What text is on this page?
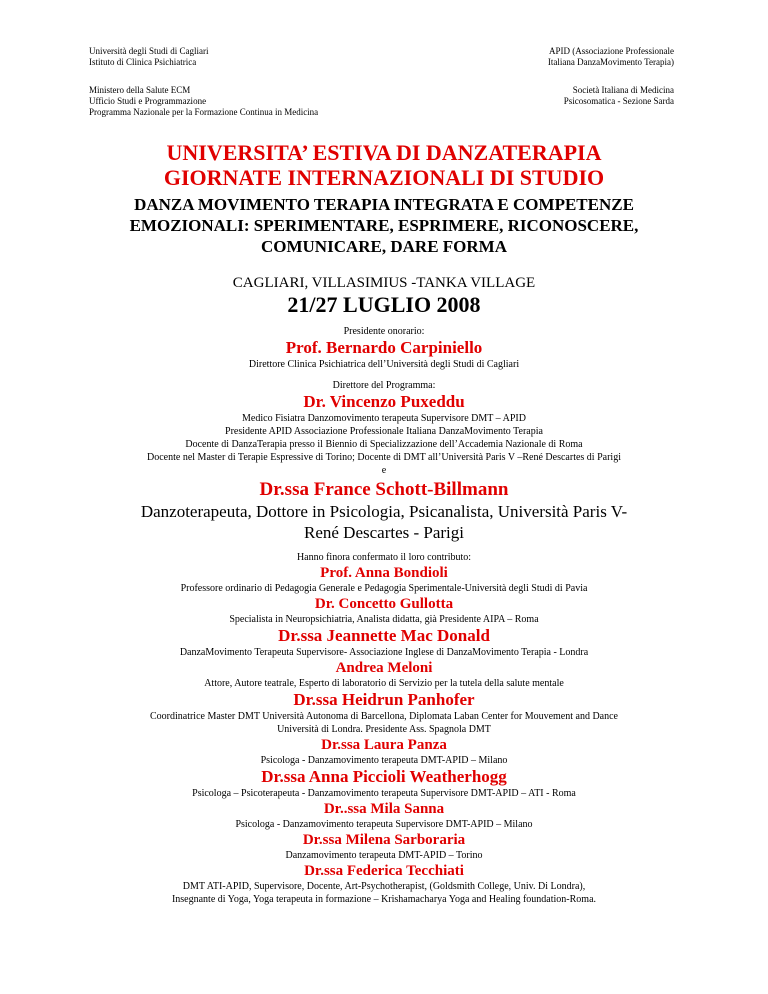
Università degli Studi di Cagliari
Istituto di Clinica Psichiatrica
APID (Associazione Professionale
Italiana DanzaMovimento Terapia)
Ministero della Salute ECM
Ufficio Studi e Programmazione
Programma Nazionale per la Formazione Continua in Medicina
Società Italiana di Medicina
Psicosomatica - Sezione Sarda
UNIVERSITA’ ESTIVA DI DANZATERAPIA
GIORNATE INTERNAZIONALI DI STUDIO
DANZA MOVIMENTO TERAPIA INTEGRATA E COMPETENZE
EMOZIONALI: SPERIMENTARE, ESPRIMERE, RICONOSCERE,
COMUNICARE, DARE FORMA
CAGLIARI, VILLASIMIUS -TANKA VILLAGE
21/27 LUGLIO 2008
Presidente onorario:
Prof. Bernardo Carpiniello
Direttore Clinica Psichiatrica dell’Università degli Studi di Cagliari
Direttore del Programma:
Dr. Vincenzo Puxeddu
Medico Fisiatra Danzomovimento terapeuta Supervisore DMT – APID
Presidente APID Associazione Professionale Italiana DanzaMovimento Terapia
Docente di DanzaTerapia presso il Biennio di Specializzazione dell’Accademia Nazionale di Roma
Docente nel Master di Terapie Espressive di Torino; Docente di DMT all’Università Paris V –René Descartes di Parigi
e
Dr.ssa France Schott-Billmann
Danzoterapeuta, Dottore in Psicologia, Psicanalista, Università Paris V-
René Descartes - Parigi
Hanno finora confermato il loro contributo:
Prof. Anna Bondioli
Professore ordinario di Pedagogia Generale e Pedagogia Sperimentale-Università degli Studi di Pavia
Dr. Concetto Gullotta
Specialista in Neuropsichiatria, Analista didatta, già Presidente AIPA – Roma
Dr.ssa Jeannette Mac Donald
DanzaMovimento Terapeuta Supervisore- Associazione Inglese di DanzaMovimento Terapia - Londra
Andrea Meloni
Attore, Autore teatrale, Esperto di laboratorio di Servizio per la tutela della salute mentale
Dr.ssa Heidrun Panhofer
Coordinatrice Master DMT Università Autonoma di Barcellona, Diplomata Laban Center for Mouvement and Dance
Università di Londra. Presidente Ass. Spagnola DMT
Dr.ssa Laura Panza
Psicologa - Danzamovimento terapeuta DMT-APID – Milano
Dr.ssa Anna Piccioli Weatherhogg
Psicologa – Psicoterapeuta - Danzamovimento terapeuta Supervisore DMT-APID – ATI - Roma
Dr..ssa Mila Sanna
Psicologa - Danzamovimento terapeuta Supervisore DMT-APID – Milano
Dr.ssa Milena Sarboraria
Danzamovimento terapeuta DMT-APID – Torino
Dr.ssa Federica Tecchiati
DMT ATI-APID, Supervisore, Docente, Art-Psychotherapist, (Goldsmith College, Univ. Di Londra),
Insegnante di Yoga, Yoga terapeuta in formazione – Krishamacharya Yoga and Healing foundation-Roma.
